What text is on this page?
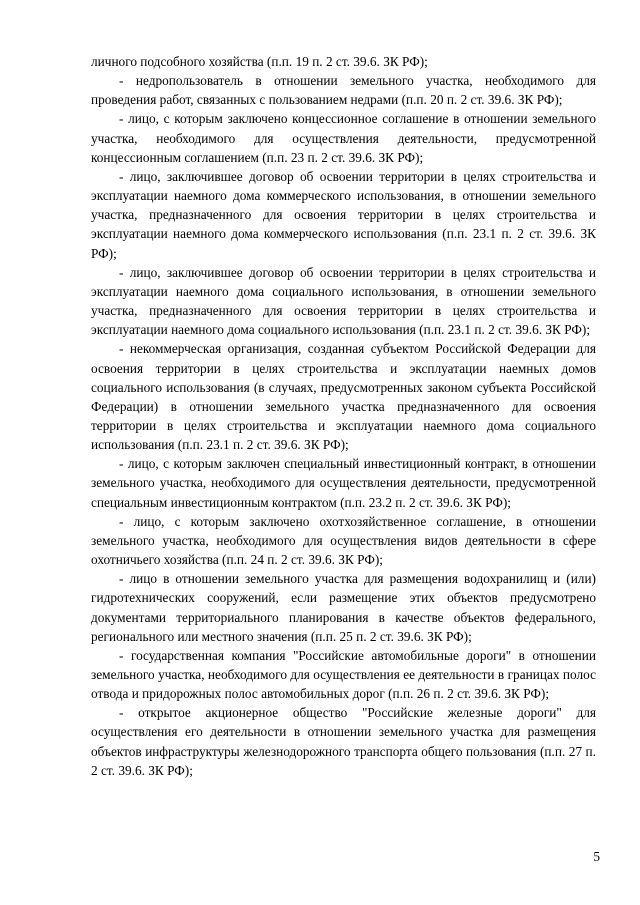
личного подсобного хозяйства (п.п. 19 п. 2 ст. 39.6. ЗК РФ);

- недропользователь в отношении земельного участка, необходимого для проведения работ, связанных с пользованием недрами (п.п. 20 п. 2 ст. 39.6. ЗК РФ);

- лицо, с которым заключено концессионное соглашение в отношении земельного участка, необходимого для осуществления деятельности, предусмотренной концессионным соглашением (п.п. 23 п. 2 ст. 39.6. ЗК РФ);

- лицо, заключившее договор об освоении территории в целях строительства и эксплуатации наемного дома коммерческого использования, в отношении земельного участка, предназначенного для освоения территории в целях строительства и эксплуатации наемного дома коммерческого использования (п.п. 23.1 п. 2 ст. 39.6. ЗК РФ);

- лицо, заключившее договор об освоении территории в целях строительства и эксплуатации наемного дома социального использования, в отношении земельного участка, предназначенного для освоения территории в целях строительства и эксплуатации наемного дома социального использования (п.п. 23.1 п. 2 ст. 39.6. ЗК РФ);

- некоммерческая организация, созданная субъектом Российской Федерации для освоения территории в целях строительства и эксплуатации наемных домов социального использования (в случаях, предусмотренных законом субъекта Российской Федерации) в отношении земельного участка предназначенного для освоения территории в целях строительства и эксплуатации наемного дома социального использования (п.п. 23.1 п. 2 ст. 39.6. ЗК РФ);

- лицо, с которым заключен специальный инвестиционный контракт, в отношении земельного участка, необходимого для осуществления деятельности, предусмотренной специальным инвестиционным контрактом (п.п. 23.2 п. 2 ст. 39.6. ЗК РФ);

- лицо, с которым заключено охотхозяйственное соглашение, в отношении земельного участка, необходимого для осуществления видов деятельности в сфере охотничьего хозяйства (п.п. 24 п. 2 ст. 39.6. ЗК РФ);

- лицо в отношении земельного участка для размещения водохранилищ и (или) гидротехнических сооружений, если размещение этих объектов предусмотрено документами территориального планирования в качестве объектов федерального, регионального или местного значения (п.п. 25 п. 2 ст. 39.6. ЗК РФ);

- государственная компания "Российские автомобильные дороги" в отношении земельного участка, необходимого для осуществления ее деятельности в границах полос отвода и придорожных полос автомобильных дорог (п.п. 26 п. 2 ст. 39.6. ЗК РФ);

- открытое акционерное общество "Российские железные дороги" для осуществления его деятельности в отношении земельного участка для размещения объектов инфраструктуры железнодорожного транспорта общего пользования (п.п. 27 п. 2 ст. 39.6. ЗК РФ);

5
